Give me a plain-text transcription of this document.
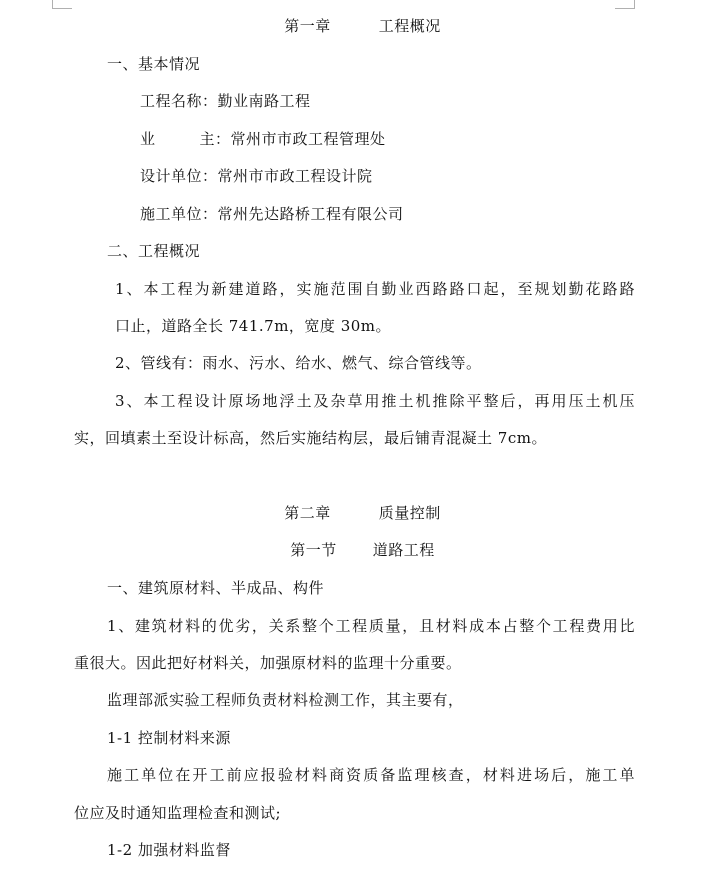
第一章	工程概况
一、基本情况
工程名称：勤业南路工程
业	主：常州市市政工程管理处
设计单位：常州市市政工程设计院
施工单位：常州先达路桥工程有限公司
二、工程概况
1、本工程为新建道路，实施范围自勤业西路路口起，至规划勤花路路
口止，道路全长 741.7m，宽度 30m。
2、管线有：雨水、污水、给水、燃气、综合管线等。
3、本工程设计原场地浮土及杂草用推土机推除平整后，再用压土机压
实，回填素土至设计标高，然后实施结构层，最后铺青混凝土 7cm。
第二章	质量控制
第一节 道路工程
一、建筑原材料、半成品、构件
1、建筑材料的优劣，关系整个工程质量，且材料成本占整个工程费用比
重很大。因此把好材料关，加强原材料的监理十分重要。
监理部派实验工程师负责材料检测工作，其主要有，
1-1 控制材料来源
施工单位在开工前应报验材料商资质备监理核查，材料进场后，施工单
位应及时通知监理检查和测试;
1-2 加强材料监督
